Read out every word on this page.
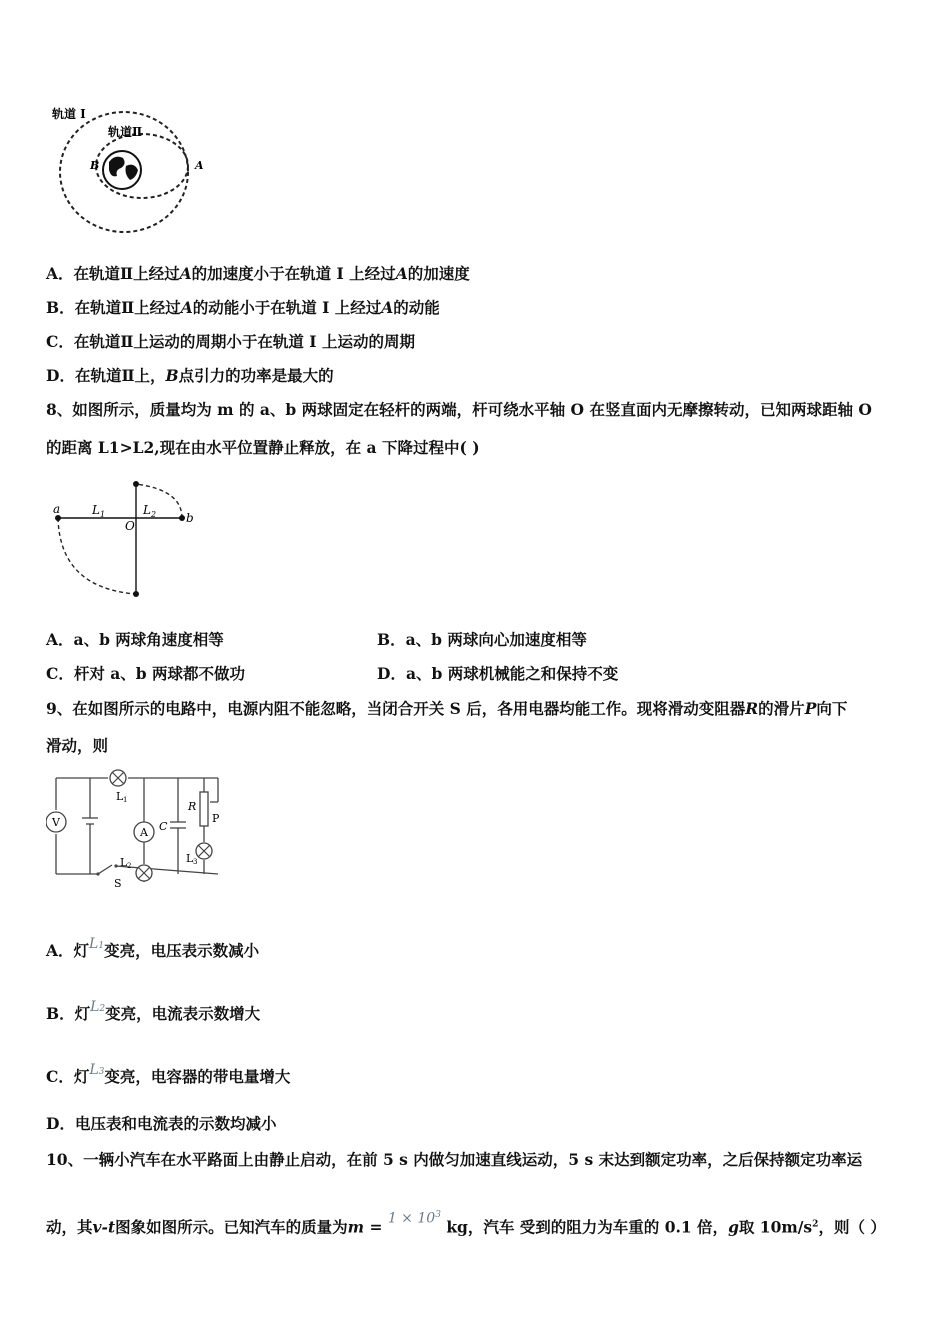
轨道 I
轨道Ⅱ
B	A
A．在轨道Ⅱ上经过A的加速度小于在轨道 I 上经过A的加速度
B．在轨道Ⅱ上经过A的动能小于在轨道 I 上经过A的动能
C．在轨道Ⅱ上运动的周期小于在轨道 I 上运动的周期
D．在轨道Ⅱ上，B点引力的功率是最大的
8、如图所示，质量均为 m 的 a、b 两球固定在轻杆的两端，杆可绕水平轴 O 在竖直面内无摩擦转动，已知两球距轴 O
的距离 L1>L2,现在由水平位置静止释放，在 a 下降过程中( )
a	L 1
O
L 2 b
A．a、b 两球角速度相等	B．a、b 两球向心加速度相等
C．杆对 a、b 两球都不做功	D．a、b 两球机械能之和保持不变
9、在如图所示的电路中，电源内阻不能忽略，当闭合开关 S 后，各用电器均能工作。现将滑动变阻器R的滑片P向下
滑动，则
V
L 1
A
L 2
C
R
P
L 3
S
A．灯L1变亮，电压表示数减小
B．灯L2变亮，电流表示数增大
C．灯L3变亮，电容器的带电量增大
D．电压表和电流表的示数均减小
10、一辆小汽车在水平路面上由静止启动，在前 5 s 内做匀加速直线运动，5 s 末达到额定功率，之后保持额定功率运
动，其v-t图象如图所示。已知汽车的质量为$m = 1 \times 10^3$ kg，汽车 受到的阻力为车重的 0.1 倍，g取 $10m/s^2$，则（ ）
